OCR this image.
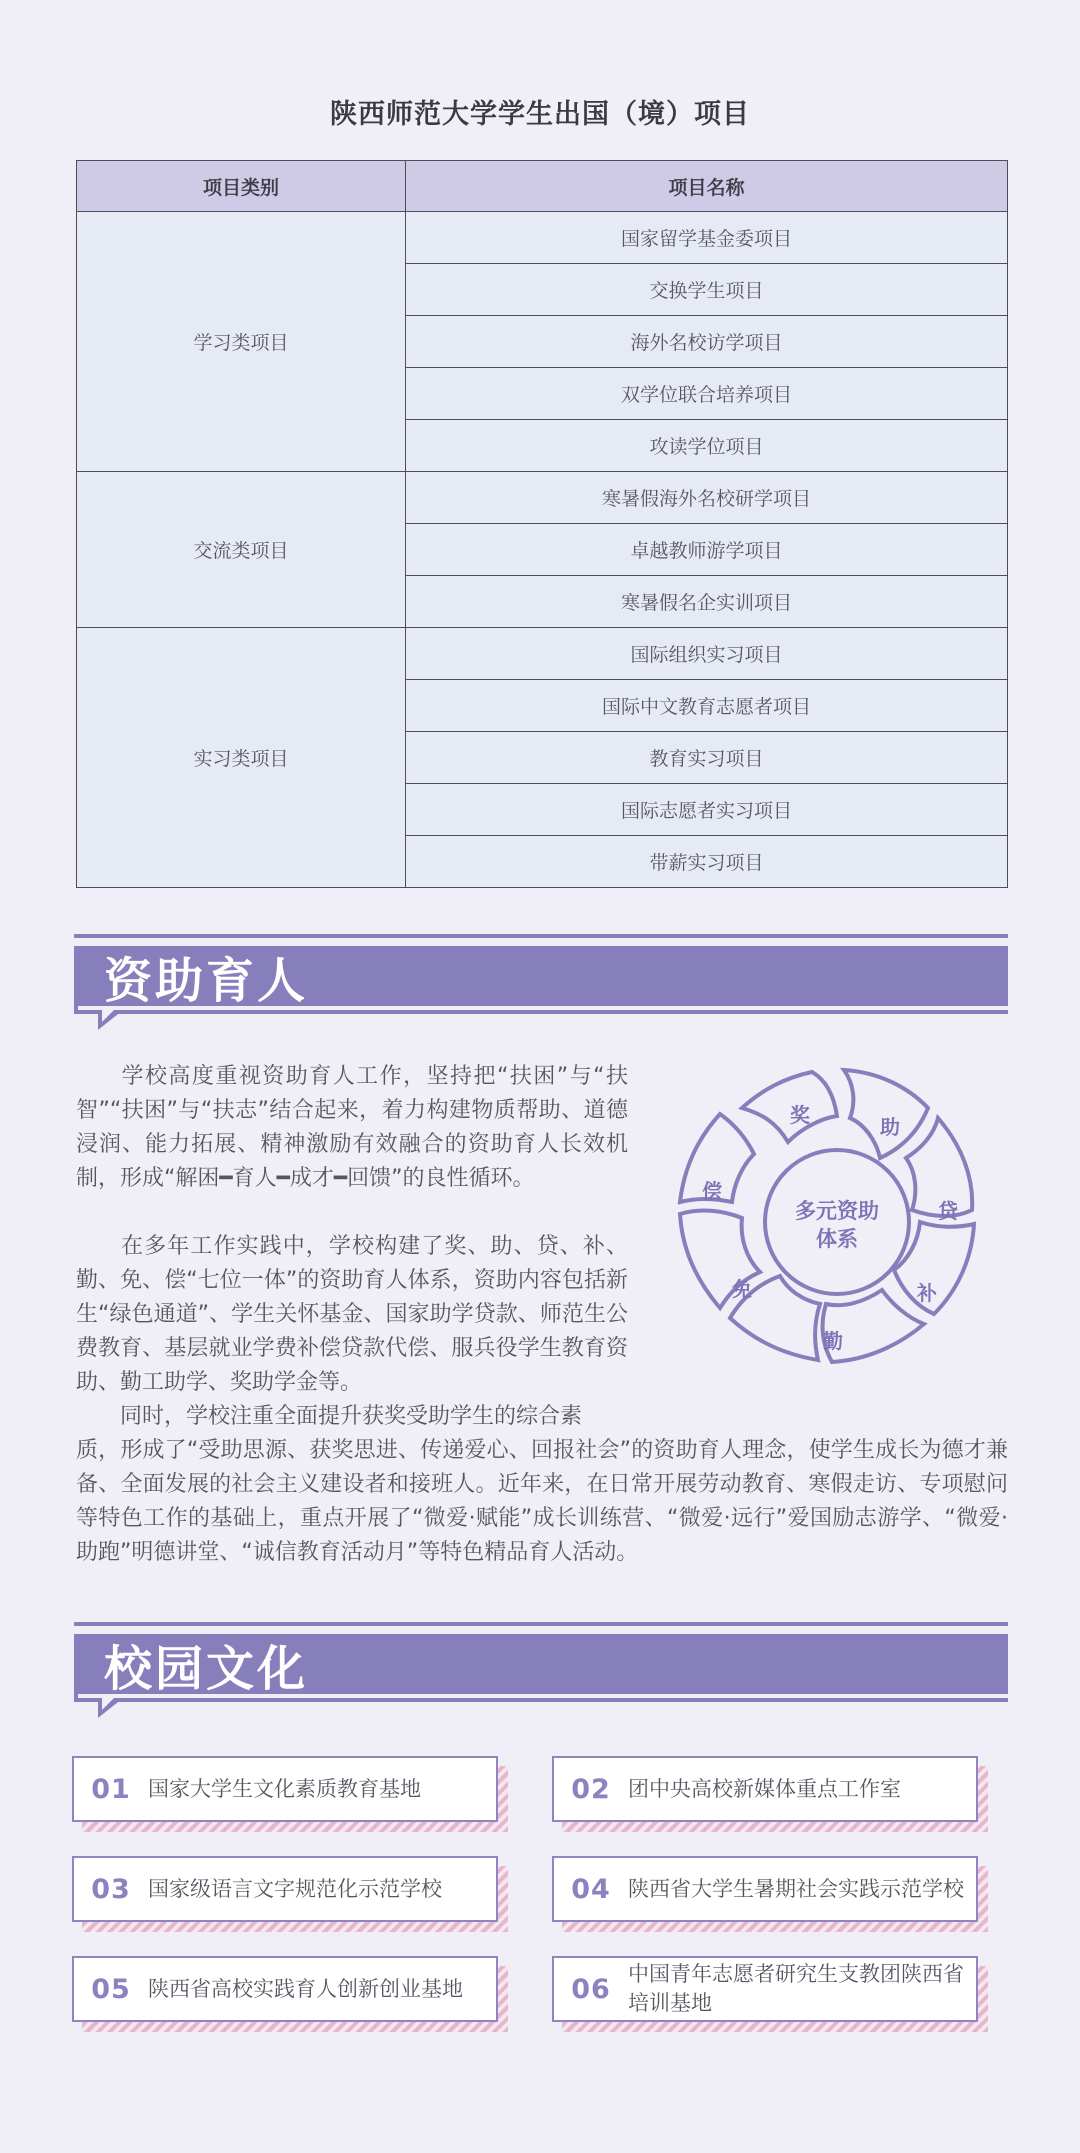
陕西师范大学学生出国（境）项目
项目类别	项目名称
学习类项目	国家留学基金委项目
	交换学生项目
	海外名校访学项目
	双学位联合培养项目
	攻读学位项目
交流类项目	寒暑假海外名校研学项目
	卓越教师游学项目
	寒暑假名企实训项目
实习类项目	国际组织实习项目
	国际中文教育志愿者项目
	教育实习项目
	国际志愿者实习项目
	带薪实习项目
资助育人

学校高度重视资助育人工作，坚持把“扶困”与“扶智”“扶困”与“扶志”结合起来，着力构建物质帮助、道德浸润、能力拓展、精神激励有效融合的资助育人长效机制，形成“解困━育人━成才━回馈”的良性循环。

在多年工作实践中，学校构建了奖、助、贷、补、勤、免、偿“七位一体”的资助育人体系，资助内容包括新生“绿色通道”、学生关怀基金、国家助学贷款、师范生公费教育、基层就业学费补偿贷款代偿、服兵役学生教育资助、勤工助学、奖助学金等。

同时，学校注重全面提升获奖受助学生的综合素

质，形成了“受助思源、获奖思进、传递爱心、回报社会”的资助育人理念，使学生成长为德才兼备、全面发展的社会主义建设者和接班人。近年来，在日常开展劳动教育、寒假走访、专项慰问等特色工作的基础上，重点开展了“微爱·赋能”成长训练营、“微爱·远行”爱国励志游学、“微爱·助跑”明德讲堂、“诚信教育活动月”等特色精品育人活动。

多元资助
体系
奖	助
贷
补
勤
免
偿
校园文化
01 国家大学生文化素质教育基地	02 团中央高校新媒体重点工作室
03 国家级语言文字规范化示范学校	04 陕西省大学生暑期社会实践示范学校
05 陕西省高校实践育人创新创业基地	06 中国青年志愿者研究生支教团陕西省培训基地
